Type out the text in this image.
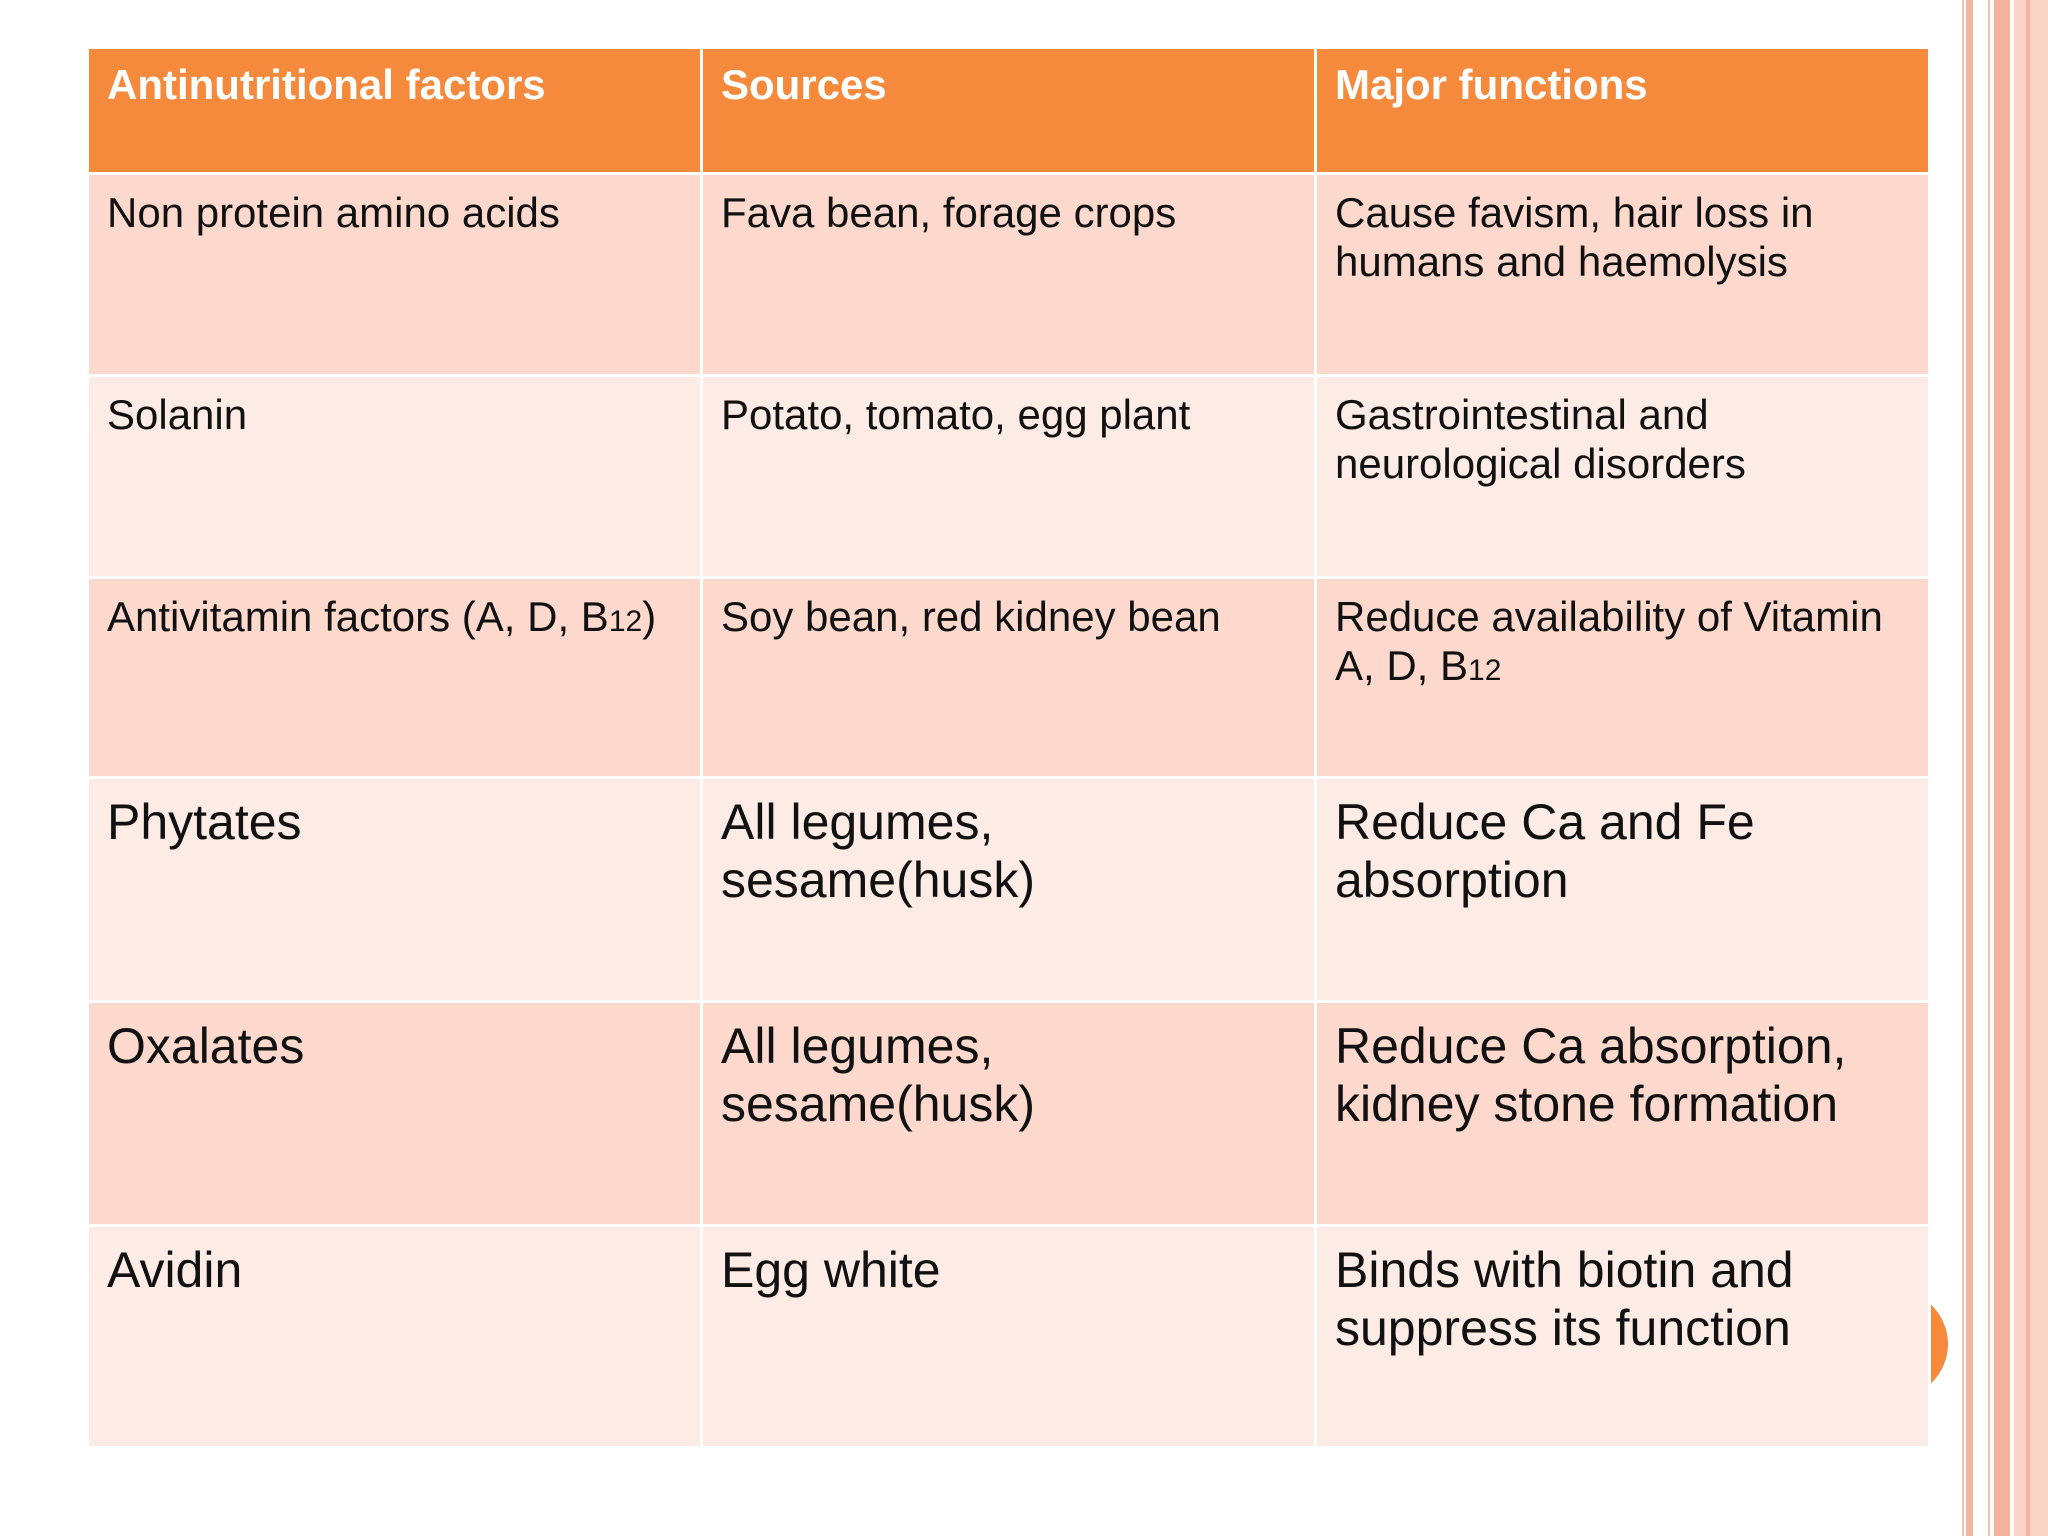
Antinutritional factors	Sources	Major functions
Non protein amino acids	Fava bean, forage crops	Cause favism, hair loss in humans and haemolysis
Solanin	Potato, tomato, egg plant	Gastrointestinal and neurological disorders
Antivitamin factors (A, D, B12)	Soy bean, red kidney bean	Reduce availability of Vitamin A, D, B12
Phytates	All legumes, sesame(husk)	Reduce Ca and Fe absorption
Oxalates	All legumes, sesame(husk)	Reduce Ca absorption, kidney stone formation
Avidin	Egg white	Binds with biotin and suppress its function
